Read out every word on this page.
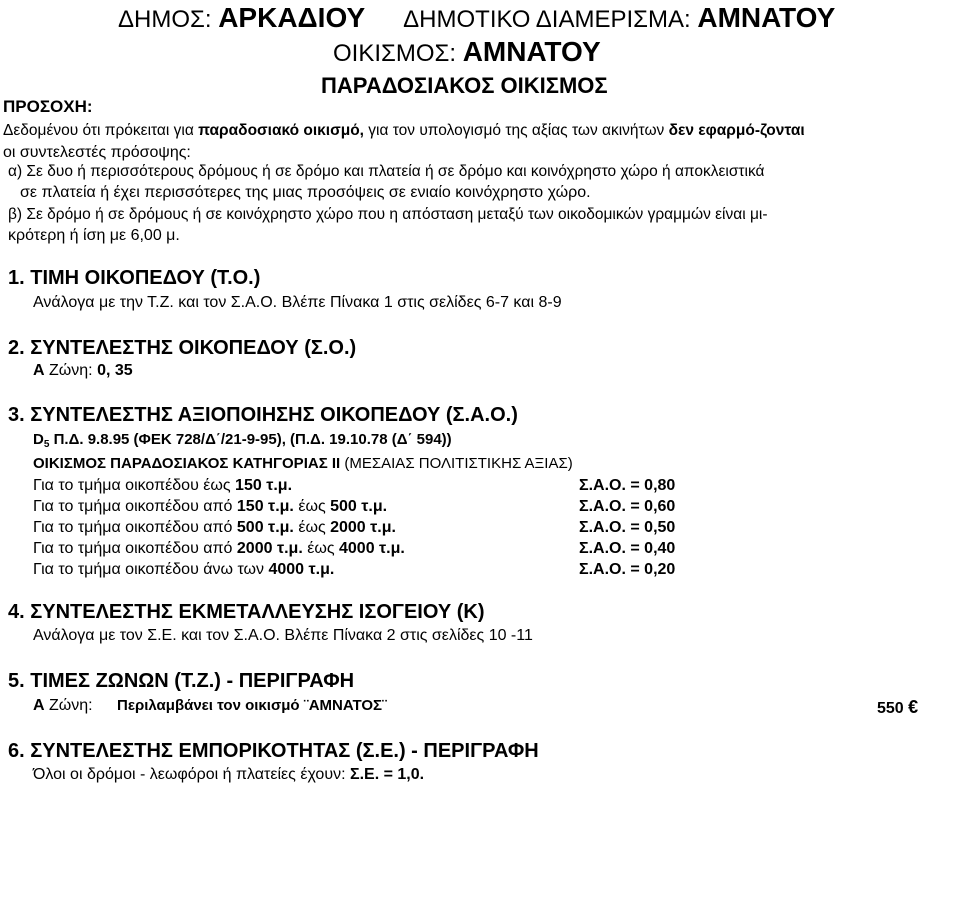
ΔΗΜΟΣ: ΑΡΚΑΔΙΟΥ ΔΗΜΟΤΙΚΟ ΔΙΑΜΕΡΙΣΜΑ: ΑΜΝΑΤΟΥ
ΟΙΚΙΣΜΟΣ: ΑΜΝΑΤΟΥ
ΠΑΡΑΔΟΣΙΑΚΟΣ ΟΙΚΙΣΜΟΣ
ΠΡΟΣΟΧΗ:
Δεδομένου ότι πρόκειται για παραδοσιακό οικισμό, για τον υπολογισμό της αξίας των ακινήτων δεν εφαρμό-ζονται
οι συντελεστές πρόσοψης:
α) Σε δυο ή περισσότερους δρόμους ή σε δρόμο και πλατεία ή σε δρόμο και κοινόχρηστο χώρο ή αποκλειστικά
σε πλατεία ή έχει περισσότερες της μιας προσόψεις σε ενιαίο κοινόχρηστο χώρο.
β) Σε δρόμο ή σε δρόμους ή σε κοινόχρηστο χώρο που η απόσταση μεταξύ των οικοδομικών γραμμών είναι μι-
κρότερη ή ίση με 6,00 μ.
1. ΤΙΜΗ ΟΙΚΟΠΕΔΟΥ (Τ.Ο.)
Ανάλογα με την Τ.Ζ. και τον Σ.Α.Ο. Βλέπε Πίνακα 1 στις σελίδες 6-7 και 8-9
2. ΣΥΝΤΕΛΕΣΤΗΣ ΟΙΚΟΠΕΔΟΥ (Σ.Ο.)
Α Ζώνη: 0, 35
3. ΣΥΝΤΕΛΕΣΤΗΣ ΑΞΙΟΠΟΙΗΣΗΣ ΟΙΚΟΠΕΔΟΥ (Σ.Α.Ο.)
$D_5$ Π.Δ. 9.8.95 (ΦΕΚ 728/Δ΄/21-9-95), (Π.Δ. 19.10.78 (Δ΄ 594))
ΟΙΚΙΣΜΟΣ ΠΑΡΑΔΟΣΙΑΚΟΣ ΚΑΤΗΓΟΡΙΑΣ ΙΙ (ΜΕΣΑΙΑΣ ΠΟΛΙΤΙΣΤΙΚΗΣ ΑΞΙΑΣ)
Για το τμήμα οικοπέδου έως 150 τ.μ.	Σ.Α.Ο. = 0,80
Για το τμήμα οικοπέδου από 150 τ.μ. έως 500 τ.μ.	Σ.Α.Ο. = 0,60
Για το τμήμα οικοπέδου από 500 τ.μ. έως 2000 τ.μ.	Σ.Α.Ο. = 0,50
Για το τμήμα οικοπέδου από 2000 τ.μ. έως 4000 τ.μ.	Σ.Α.Ο. = 0,40
Για το τμήμα οικοπέδου άνω των 4000 τ.μ.	Σ.Α.Ο. = 0,20
4. ΣΥΝΤΕΛΕΣΤΗΣ ΕΚΜΕΤΑΛΛΕΥΣΗΣ ΙΣΟΓΕΙΟΥ (Κ)
Ανάλογα με τον Σ.Ε. και τον Σ.Α.Ο. Βλέπε Πίνακα 2 στις σελίδες 10 -11
5. ΤΙΜΕΣ ΖΩΝΩΝ (Τ.Ζ.) - ΠΕΡΙΓΡΑΦΗ
Α Ζώνη: Περιλαμβάνει τον οικισμό ¨ΑΜΝΑΤΟΣ¨	550 €
6. ΣΥΝΤΕΛΕΣΤΗΣ ΕΜΠΟΡΙΚΟΤΗΤΑΣ (Σ.Ε.) - ΠΕΡΙΓΡΑΦΗ
Όλοι οι δρόμοι - λεωφόροι ή πλατείες έχουν: Σ.Ε. = 1,0.
